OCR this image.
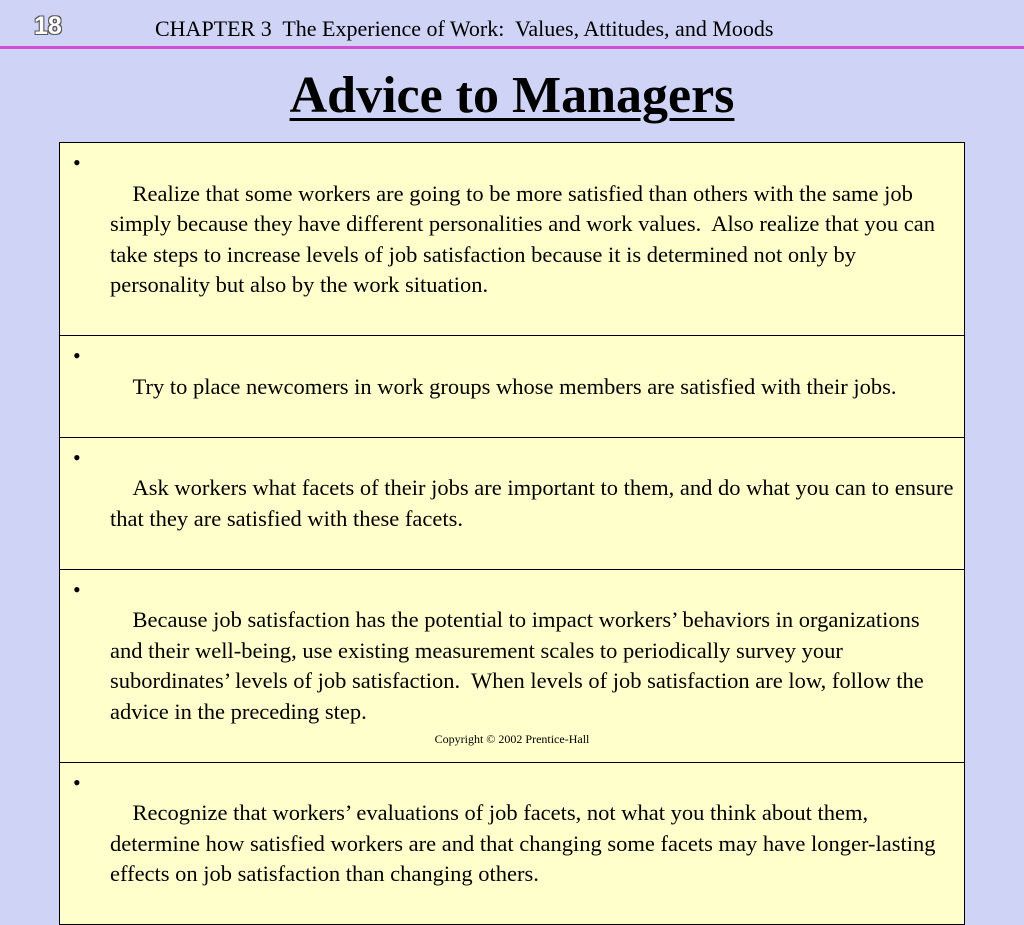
18	CHAPTER 3  The Experience of Work:  Values, Attitudes, and Moods
Advice to Managers

•
Realize that some workers are going to be more satisfied than others with the same job simply because they have different personalities and work values.  Also realize that you can take steps to increase levels of job satisfaction because it is determined not only by personality but also by the work situation.

•
Try to place newcomers in work groups whose members are satisfied with their jobs.

•
Ask workers what facets of their jobs are important to them, and do what you can to ensure that they are satisfied with these facets.

•
Because job satisfaction has the potential to impact workers’ behaviors in organizations and their well-being, use existing measurement scales to periodically survey your subordinates’ levels of job satisfaction.  When levels of job satisfaction are low, follow the advice in the preceding step.

•
Recognize that workers’ evaluations of job facets, not what you think about them, determine how satisfied workers are and that changing some facets may have longer-lasting effects on job satisfaction than changing others.

Copyright © 2002 Prentice-Hall
